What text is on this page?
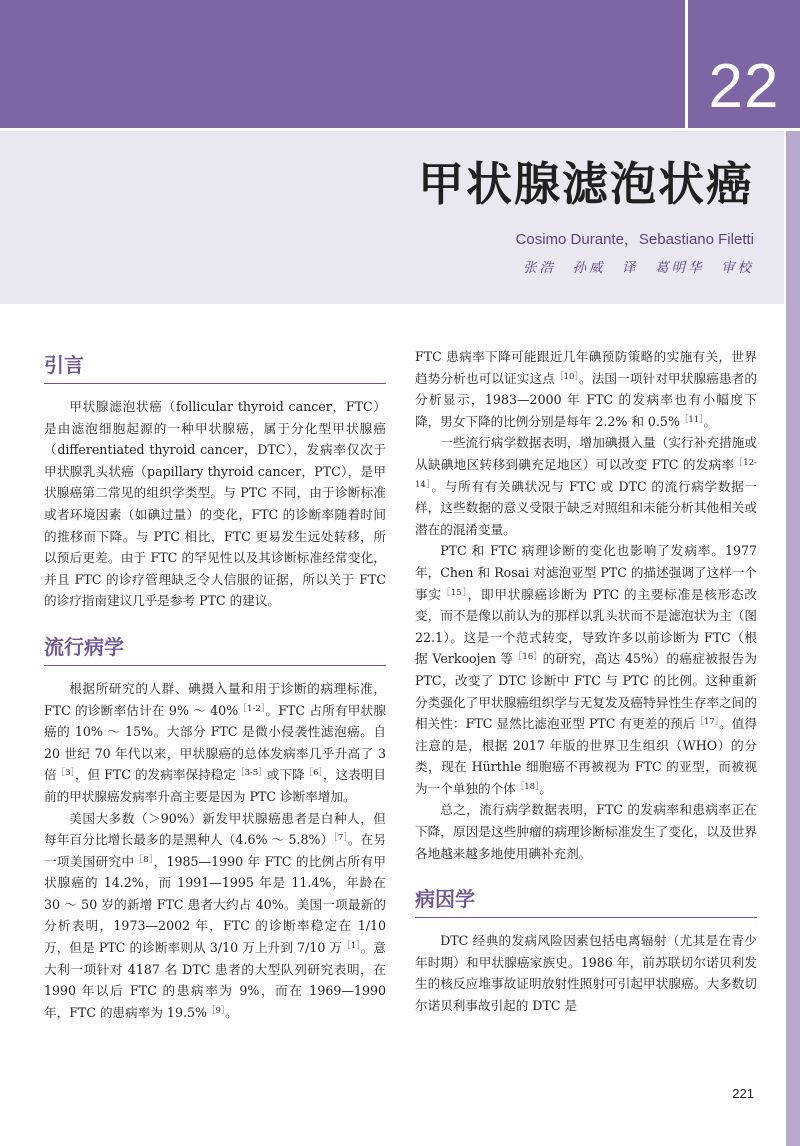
22
甲状腺滤泡状癌
Cosimo Durante，Sebastiano Filetti
张浩　孙威　译　葛明华　审校
引言

甲状腺滤泡状癌（follicular thyroid cancer，FTC）是由滤泡细胞起源的一种甲状腺癌，属于分化型甲状腺癌（differentiated thyroid cancer，DTC），发病率仅次于甲状腺乳头状癌（papillary thyroid cancer，PTC），是甲状腺癌第二常见的组织学类型。与 PTC 不同，由于诊断标准或者环境因素（如碘过量）的变化，FTC 的诊断率随着时间的推移而下降。与 PTC 相比，FTC 更易发生远处转移，所以预后更差。由于 FTC 的罕见性以及其诊断标准经常变化，并且 FTC 的诊疗管理缺乏令人信服的证据，所以关于 FTC 的诊疗指南建议几乎是参考 PTC 的建议。

流行病学

根据所研究的人群、碘摄入量和用于诊断的病理标准，FTC 的诊断率估计在 9% ～ 40%$^{[1-2]}$。FTC 占所有甲状腺癌的 10% ～ 15%。大部分 FTC 是微小侵袭性滤泡癌。自 20 世纪 70 年代以来，甲状腺癌的总体发病率几乎升高了 3 倍$^{[3]}$，但 FTC 的发病率保持稳定$^{[3-5]}$或下降$^{[6]}$，这表明目前的甲状腺癌发病率升高主要是因为 PTC 诊断率增加。

美国大多数（＞90%）新发甲状腺癌患者是白种人，但每年百分比增长最多的是黑种人（4.6% ～ 5.8%）$^{[7]}$。在另一项美国研究中$^{[8]}$，1985—1990 年 FTC 的比例占所有甲状腺癌的 14.2%，而 1991—1995 年是 11.4%，年龄在 30 ～ 50 岁的新增 FTC 患者大约占 40%。美国一项最新的分析表明，1973—2002 年，FTC 的诊断率稳定在 1/10 万，但是 PTC 的诊断率则从 3/10 万上升到 7/10 万$^{[1]}$。意大利一项针对 4187 名 DTC 患者的大型队列研究表明，在 1990 年以后 FTC 的患病率为 9%，而在 1969—1990 年，FTC 的患病率为 19.5%$^{[9]}$。

FTC 患病率下降可能跟近几年碘预防策略的实施有关，世界趋势分析也可以证实这点$^{[10]}$。法国一项针对甲状腺癌患者的分析显示，1983—2000 年 FTC 的发病率也有小幅度下降，男女下降的比例分别是每年 2.2% 和 0.5%$^{[11]}$。

一些流行病学数据表明，增加碘摄入量（实行补充措施或从缺碘地区转移到碘充足地区）可以改变 FTC 的发病率$^{[12-14]}$。与所有有关碘状况与 FTC 或 DTC 的流行病学数据一样，这些数据的意义受限于缺乏对照组和未能分析其他相关或潜在的混淆变量。

PTC 和 FTC 病理诊断的变化也影响了发病率。1977 年，Chen 和 Rosai 对滤泡亚型 PTC 的描述强调了这样一个事实$^{[15]}$，即甲状腺癌诊断为 PTC 的主要标准是核形态改变，而不是像以前认为的那样以乳头状而不是滤泡状为主（图 22.1）。这是一个范式转变，导致许多以前诊断为 FTC（根据 Verkoojen 等$^{[16]}$的研究，高达 45%）的癌症被报告为 PTC，改变了 DTC 诊断中 FTC 与 PTC 的比例。这种重新分类强化了甲状腺癌组织学与无复发及癌特异性生存率之间的相关性：FTC 显然比滤泡亚型 PTC 有更差的预后$^{[17]}$。值得注意的是，根据 2017 年版的世界卫生组织（WHO）的分类，现在 Hürthle 细胞癌不再被视为 FTC 的亚型，而被视为一个单独的个体$^{[18]}$。

总之，流行病学数据表明，FTC 的发病率和患病率正在下降，原因是这些肿瘤的病理诊断标准发生了变化，以及世界各地越来越多地使用碘补充剂。

病因学

DTC 经典的发病风险因素包括电离辐射（尤其是在青少年时期）和甲状腺癌家族史。1986 年，前苏联切尔诺贝利发生的核反应堆事故证明放射性照射可引起甲状腺癌。大多数切尔诺贝利事故引起的 DTC 是

221
